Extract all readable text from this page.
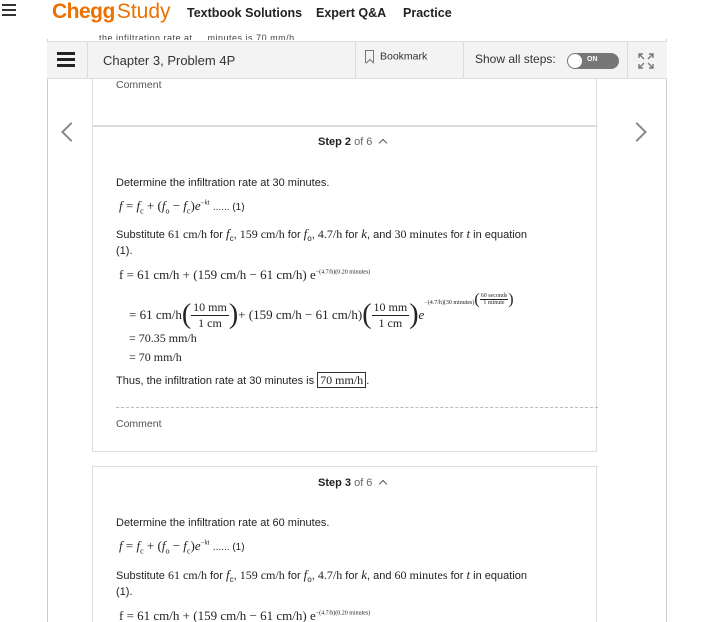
CheggStudy Textbook Solutions Expert Q&A Practice
...the infiltration rate at ... minutes is 70 mm/h
Chapter 3, Problem 4P	Bookmark	Show all steps:	ON
Comment
Step 2 of 6
Determine the infiltration rate at 30 minutes.
$f = f_c + (f_o - f_c)e^{-kt}$ ...... (1)
Substitute 61 cm/h for $f_c$, 159 cm/h for $f_o$, 4.7/h for k, and 30 minutes for t in equation
(1).
f = 61 cm/h + (159 cm/h − 61 cm/h) $e^{-(4.7/h)(0.20 minutes)}$
= 61 $cm/h( \frac{10 mm}{1 cm}$ )+ (159 cm/h − 61 $cm/h)( \frac{10 mm}{1 cm} )e^{-(4.7/h)(30 minutes)}( \frac{\text{60 seconds}}{\text{1 minute}}$ )
= 70.35 mm/h
= 70 mm/h
Thus, the infiltration rate at 30 minutes is 70 mm/h .
Comment
Step 3 of 6
Determine the infiltration rate at 60 minutes.
$f = f_c + (f_o - f_c)e^{-kt}$ ...... (1)
Substitute 61 cm/h for $f_c$, 159 cm/h for $f_o$, 4.7/h for k, and 60 minutes for t in equation
(1).
f = 61 cm/h + (159 cm/h − 61 cm/h) $e^{-(4.7/h)(0.20 minutes)}$
